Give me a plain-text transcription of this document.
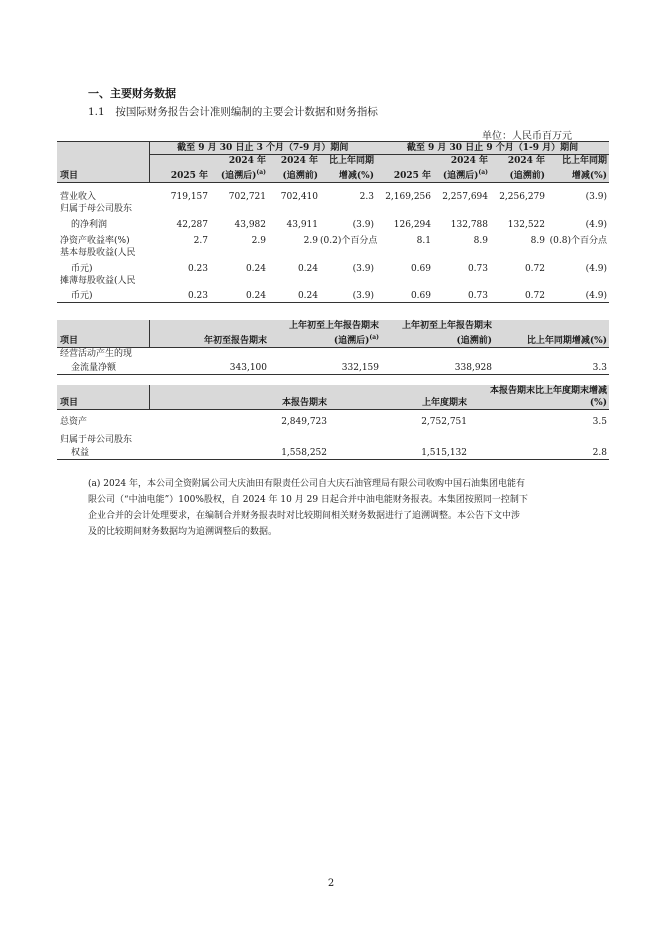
一、主要财务数据
1.1 按国际财务报告会计准则编制的主要会计数据和财务指标
单位：人民币百万元
	截至 9 月 30 日止 3 个月（7-9 月）期间				截至 9 月 30 日止 9 个月（1-9 月）期间			
项目		2024 年	2024 年	比上年同期		2024 年	2024 年	比上年同期
	2025 年	(追溯后)$^{(a)}$	(追溯前)	增减(%)	2025 年	(追溯后)$^{(a)}$	(追溯前)	增减(%)
营业收入	719,157	702,721	702,410	2.3	2,169,256	2,257,694	2,256,279	(3.9)
归属于母公司股东								
的净利润	42,287	43,982	43,911	(3.9)	126,294	132,788	132,522	(4.9)
净资产收益率(%)	2.7	2.9	2.9	(0.2)个百分点	8.1	8.9	8.9	(0.8)个百分点
基本每股收益(人民								
币元)	0.23	0.24	0.24	(3.9)	0.69	0.73	0.72	(4.9)
摊薄每股收益(人民								
币元)	0.23	0.24	0.24	(3.9)	0.69	0.73	0.72	(4.9)
项目	年初至报告期末	上年初至上年报告期末	上年初至上年报告期末	比上年同期增减(%)
		(追溯后)$^{(a)}$	(追溯前)	
经营活动产生的现				
金流量净额	343,100	332,159	338,928	3.3
项目	本报告期末	上年度期末	本报告期末比上年度期末增减
			(%)
总资产	2,849,723	2,752,751	3.5
归属于母公司股东			
权益	1,558,252	1,515,132	2.8
(a) 2024 年，本公司全资附属公司大庆油田有限责任公司自大庆石油管理局有限公司收购中国石油集团电能有限公司（“中油电能”）100%股权，自 2024 年 10 月 29 日起合并中油电能财务报表。本集团按照同一控制下企业合并的会计处理要求，在编制合并财务报表时对比较期间相关财务数据进行了追溯调整。本公告下文中涉及的比较期间财务数据均为追溯调整后的数据。
2
